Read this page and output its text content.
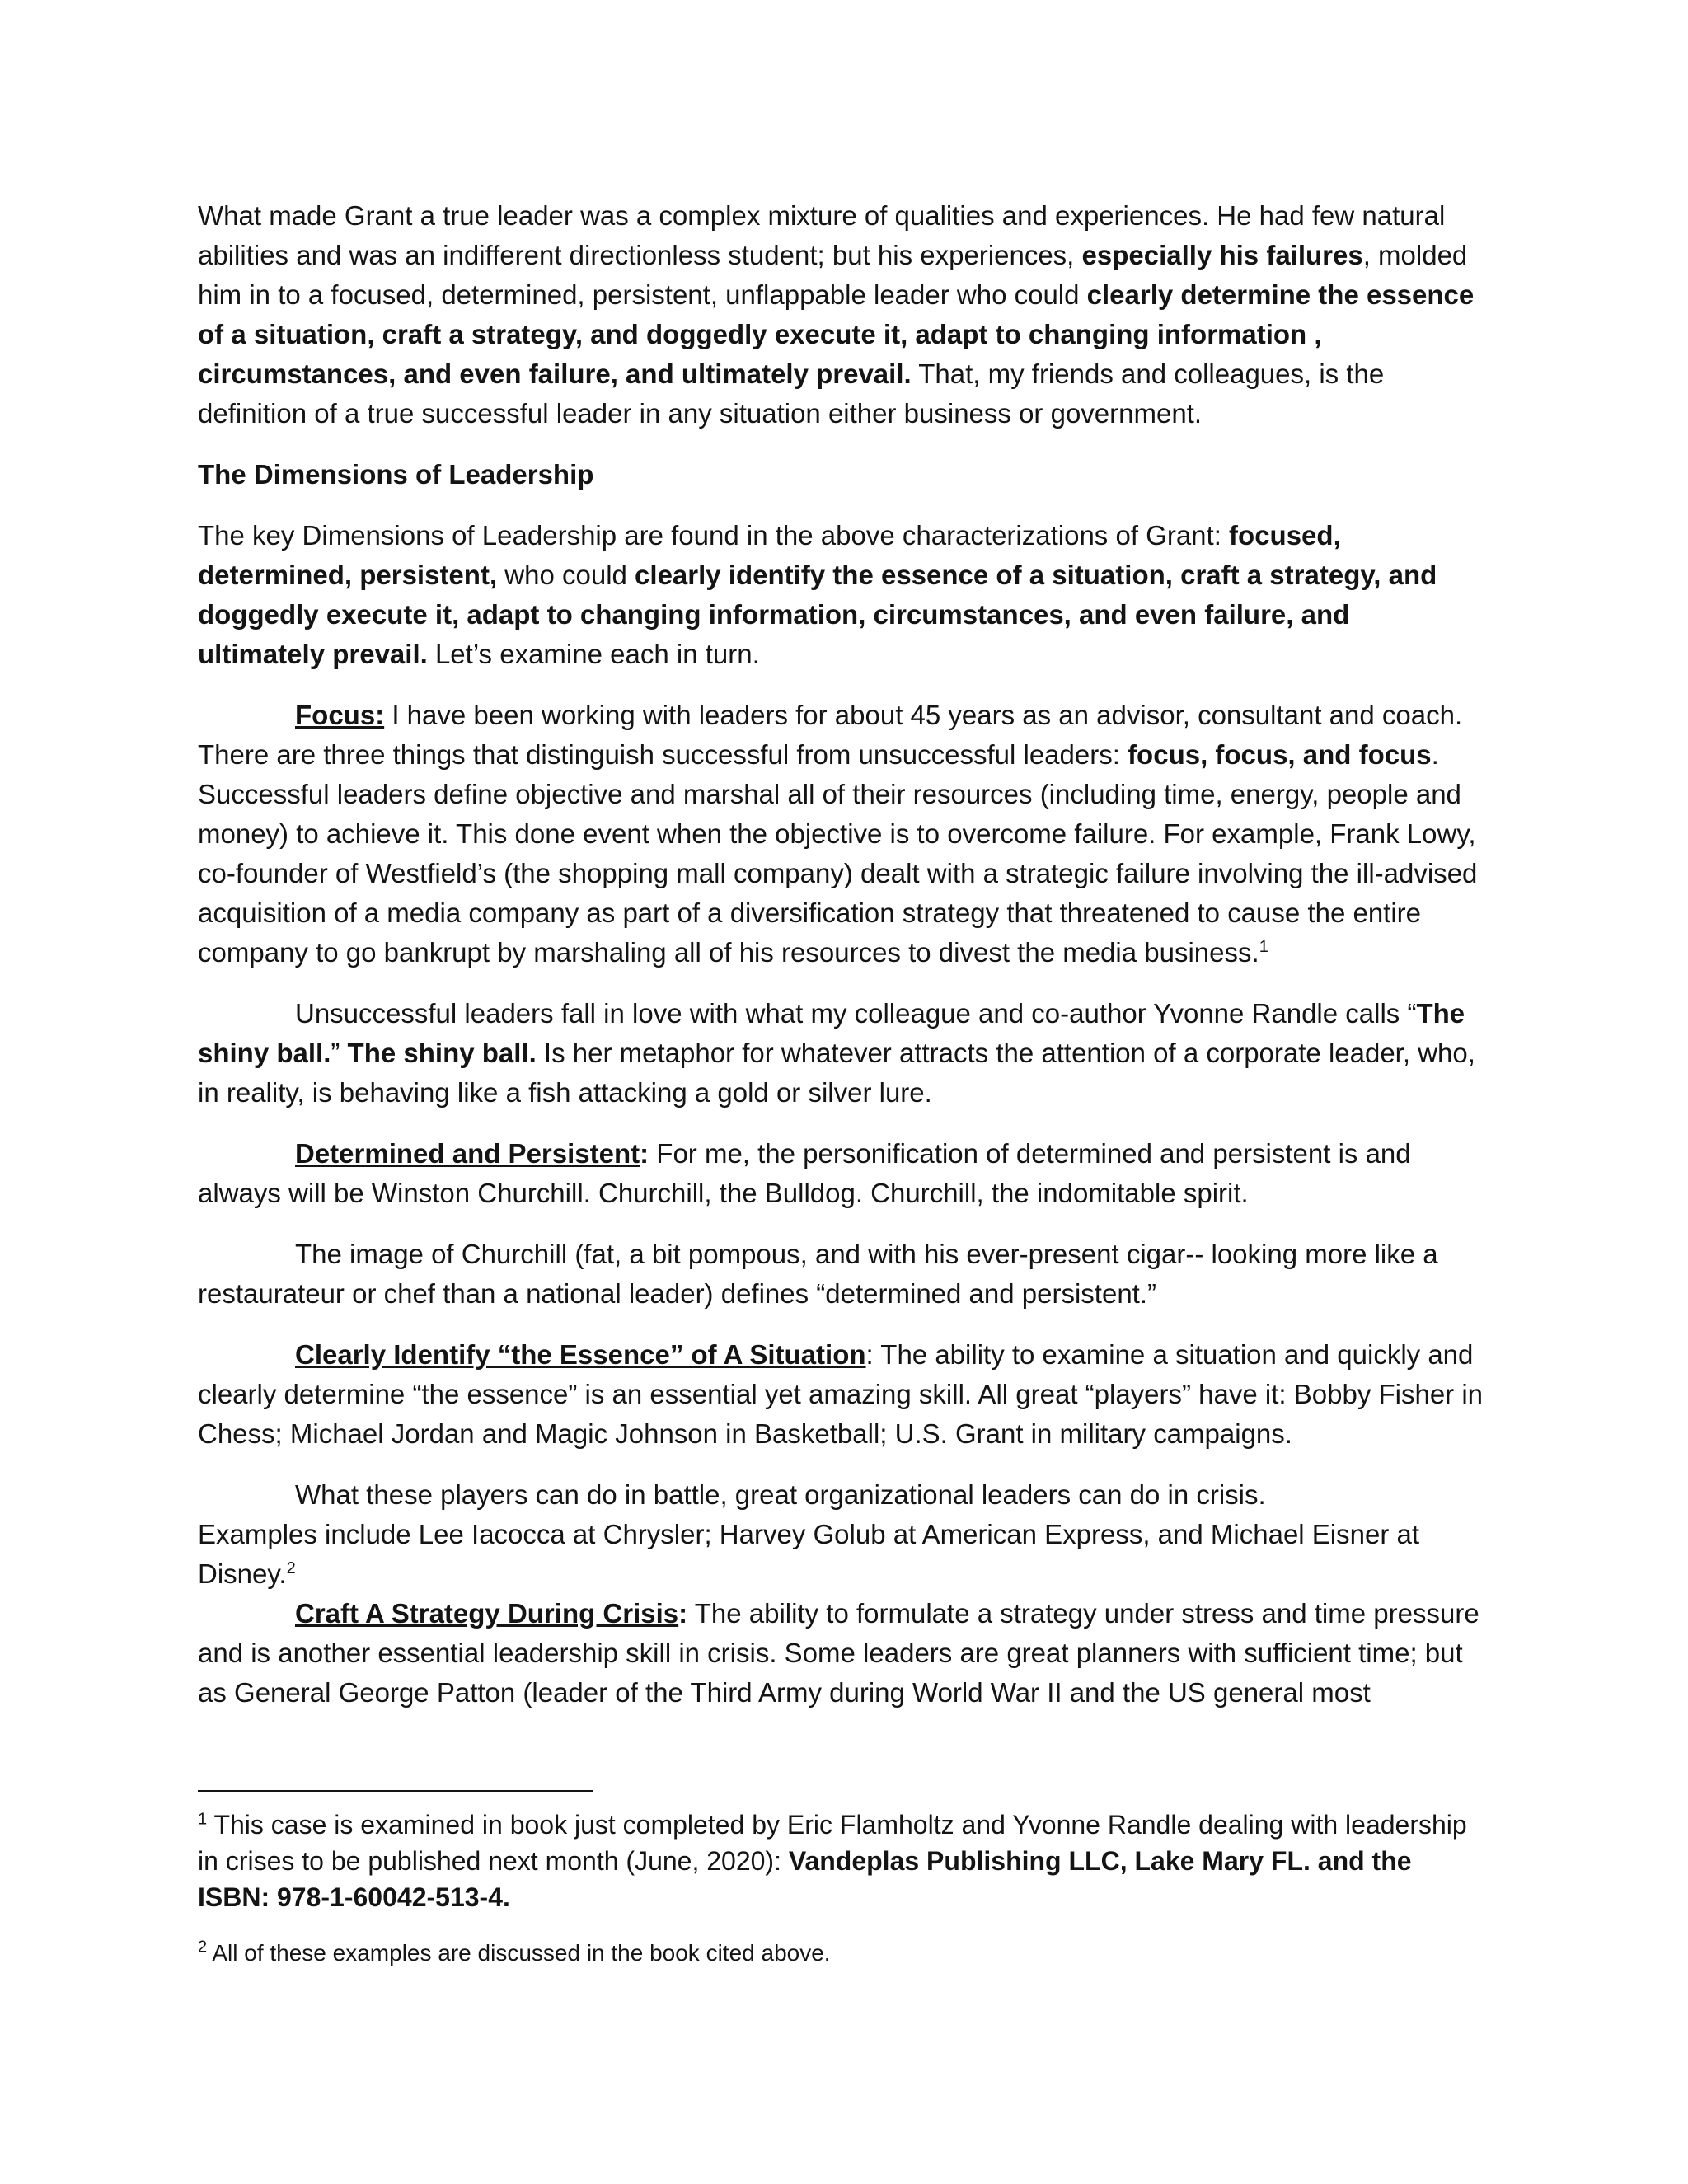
What made Grant a true leader was a complex mixture of qualities and experiences. He had few natural abilities and was an indifferent directionless student; but his experiences, especially his failures, molded him in to a focused, determined, persistent, unflappable leader who could clearly determine the essence of a situation, craft a strategy, and doggedly execute it, adapt to changing information , circumstances, and even failure, and ultimately prevail. That, my friends and colleagues, is the definition of a true successful leader in any situation either business or government.

The Dimensions of Leadership

The key Dimensions of Leadership are found in the above characterizations of Grant: focused, determined, persistent, who could clearly identify the essence of a situation, craft a strategy, and doggedly execute it, adapt to changing information, circumstances, and even failure, and ultimately prevail. Let’s examine each in turn.

Focus: I have been working with leaders for about 45 years as an advisor, consultant and coach. There are three things that distinguish successful from unsuccessful leaders: focus, focus, and focus. Successful leaders define objective and marshal all of their resources (including time, energy, people and money) to achieve it. This done event when the objective is to overcome failure. For example, Frank Lowy, co-founder of Westfield’s (the shopping mall company) dealt with a strategic failure involving the ill-advised acquisition of a media company as part of a diversification strategy that threatened to cause the entire company to go bankrupt by marshaling all of his resources to divest the media business.$^1$

Unsuccessful leaders fall in love with what my colleague and co-author Yvonne Randle calls “The shiny ball.” The shiny ball. Is her metaphor for whatever attracts the attention of a corporate leader, who, in reality, is behaving like a fish attacking a gold or silver lure.

Determined and Persistent: For me, the personification of determined and persistent is and always will be Winston Churchill. Churchill, the Bulldog. Churchill, the indomitable spirit.

The image of Churchill (fat, a bit pompous, and with his ever-present cigar-- looking more like a restaurateur or chef than a national leader) defines “determined and persistent.”

Clearly Identify “the Essence” of A Situation: The ability to examine a situation and quickly and clearly determine “the essence” is an essential yet amazing skill. All great “players” have it: Bobby Fisher in Chess; Michael Jordan and Magic Johnson in Basketball; U.S. Grant in military campaigns.

What these players can do in battle, great organizational leaders can do in crisis.
Examples include Lee Iacocca at Chrysler; Harvey Golub at American Express, and Michael Eisner at Disney.$^2$

Craft A Strategy During Crisis: The ability to formulate a strategy under stress and time pressure and is another essential leadership skill in crisis. Some leaders are great planners with sufficient time; but as General George Patton (leader of the Third Army during World War II and the US general most

$^1$ This case is examined in book just completed by Eric Flamholtz and Yvonne Randle dealing with leadership in crises to be published next month (June, 2020): Vandeplas Publishing LLC, Lake Mary FL. and the ISBN: 978-1-60042-513-4.

$^2$ All of these examples are discussed in the book cited above.
